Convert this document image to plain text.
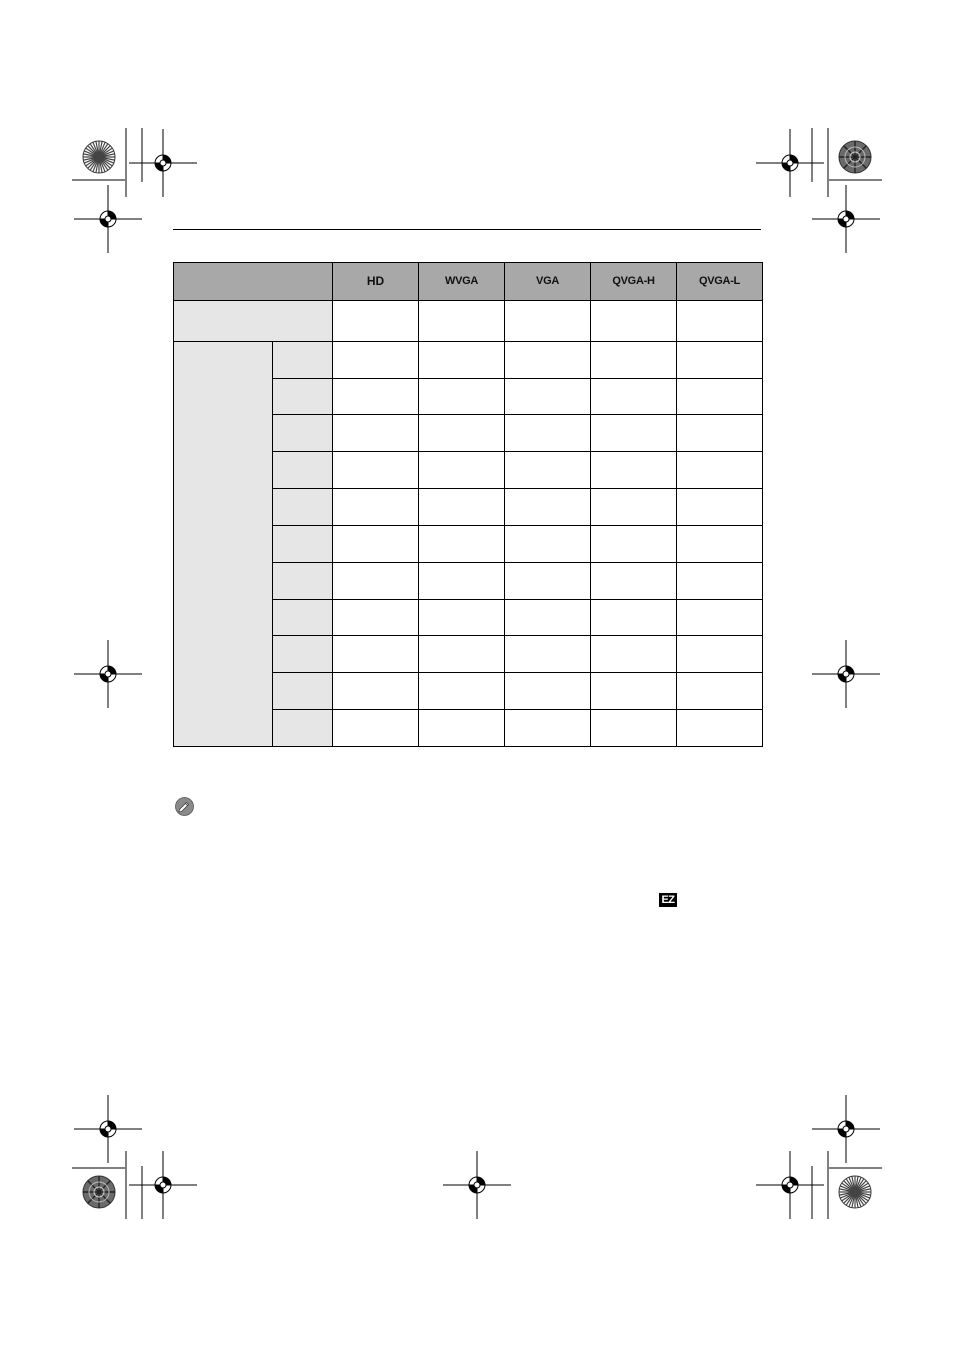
		HD	WVGA	VGA	QVGA-H	QVGA-L

EZ
